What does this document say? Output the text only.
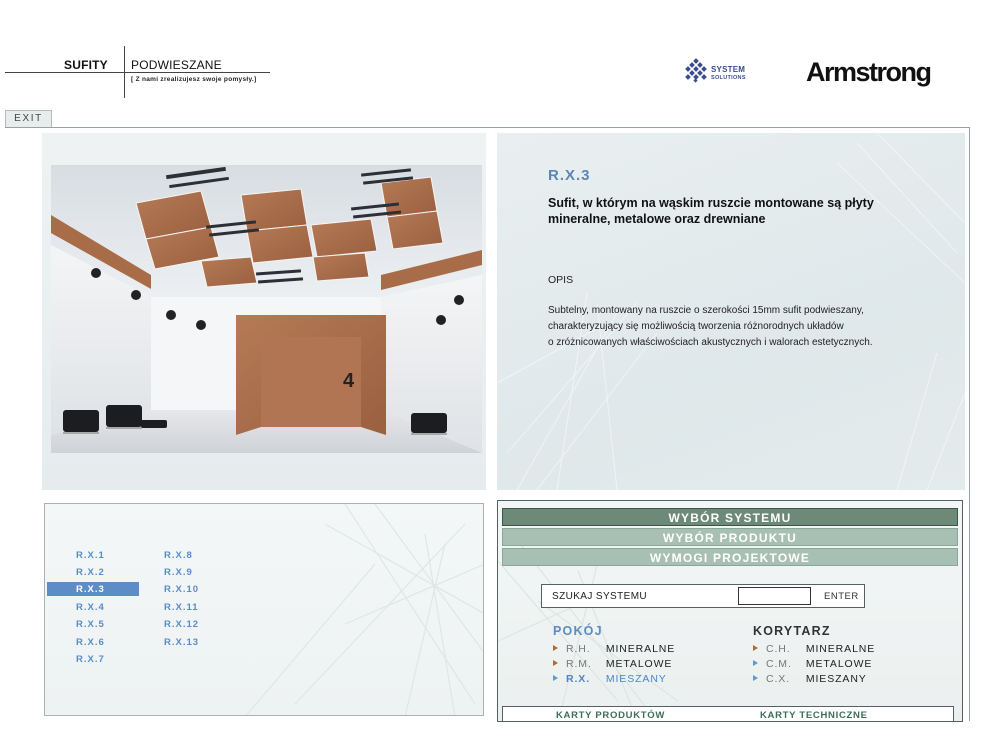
SUFITY PODWIESZANE
[ Z nami zrealizujesz swoje pomysły.]
SYSTEM
SOLUTIONS Armstrong
EXIT
4
R.X.3
Sufit, w którym na wąskim ruszcie montowane są płyty mineralne, metalowe oraz drewniane
OPIS
Subtelny, montowany na ruszcie o szerokości 15mm sufit podwieszany,
charakteryzujący się możliwością tworzenia różnorodnych układów
o zróżnicowanych właściwościach akustycznych i walorach estetycznych.
R.X.1
R.X.2
R.X.3
R.X.4
R.X.5
R.X.6
R.X.7
R.X.8
R.X.9
R.X.10
R.X.11
R.X.12
R.X.13
WYBÓR SYSTEMU
WYBÓR PRODUKTU
WYMOGI PROJEKTOWE
SZUKAJ SYSTEMU	ENTER
POKÓJ
R.H. MINERALNE
R.M. METALOWE
R.X. MIESZANY
KORYTARZ
C.H. MINERALNE
C.M. METALOWE
C.X. MIESZANY
KARTY PRODUKTÓW	KARTY TECHNICZNE
